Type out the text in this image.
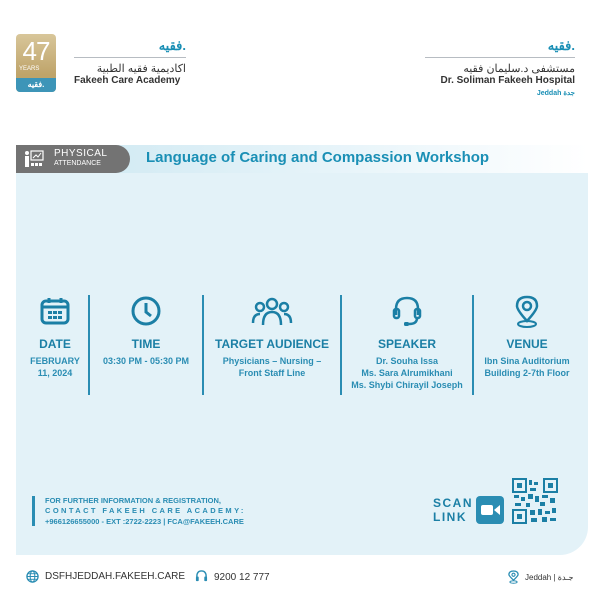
47
YEARS
فقيه.
فقيه.
اكاديمية فقيه الطبية
Fakeeh Care Academy
فقيه.
مستشفى د.سليمان فقيه
Dr. Soliman Fakeeh Hospital
Jeddah جدة
PHYSICAL
ATTENDANCE	Language of Caring and Compassion Workshop
DATE
FEBRUARY
11, 2024
TIME
03:30 PM - 05:30 PM
TARGET AUDIENCE
Physicians – Nursing –
Front Staff Line
SPEAKER
Dr. Souha Issa
Ms. Sara Alrumikhani
Ms. Shybi Chirayil Joseph
VENUE
Ibn Sina Auditorium
Building 2-7th Floor
FOR FURTHER INFORMATION & REGISTRATION,
CONTACT FAKEEH CARE ACADEMY:
+966126655000 - EXT :2722-2223 | FCA@FAKEEH.CARE
SCAN
LINK
DSFHJEDDAH.FAKEEH.CARE	9200 12 777	Jeddah | جـدة
